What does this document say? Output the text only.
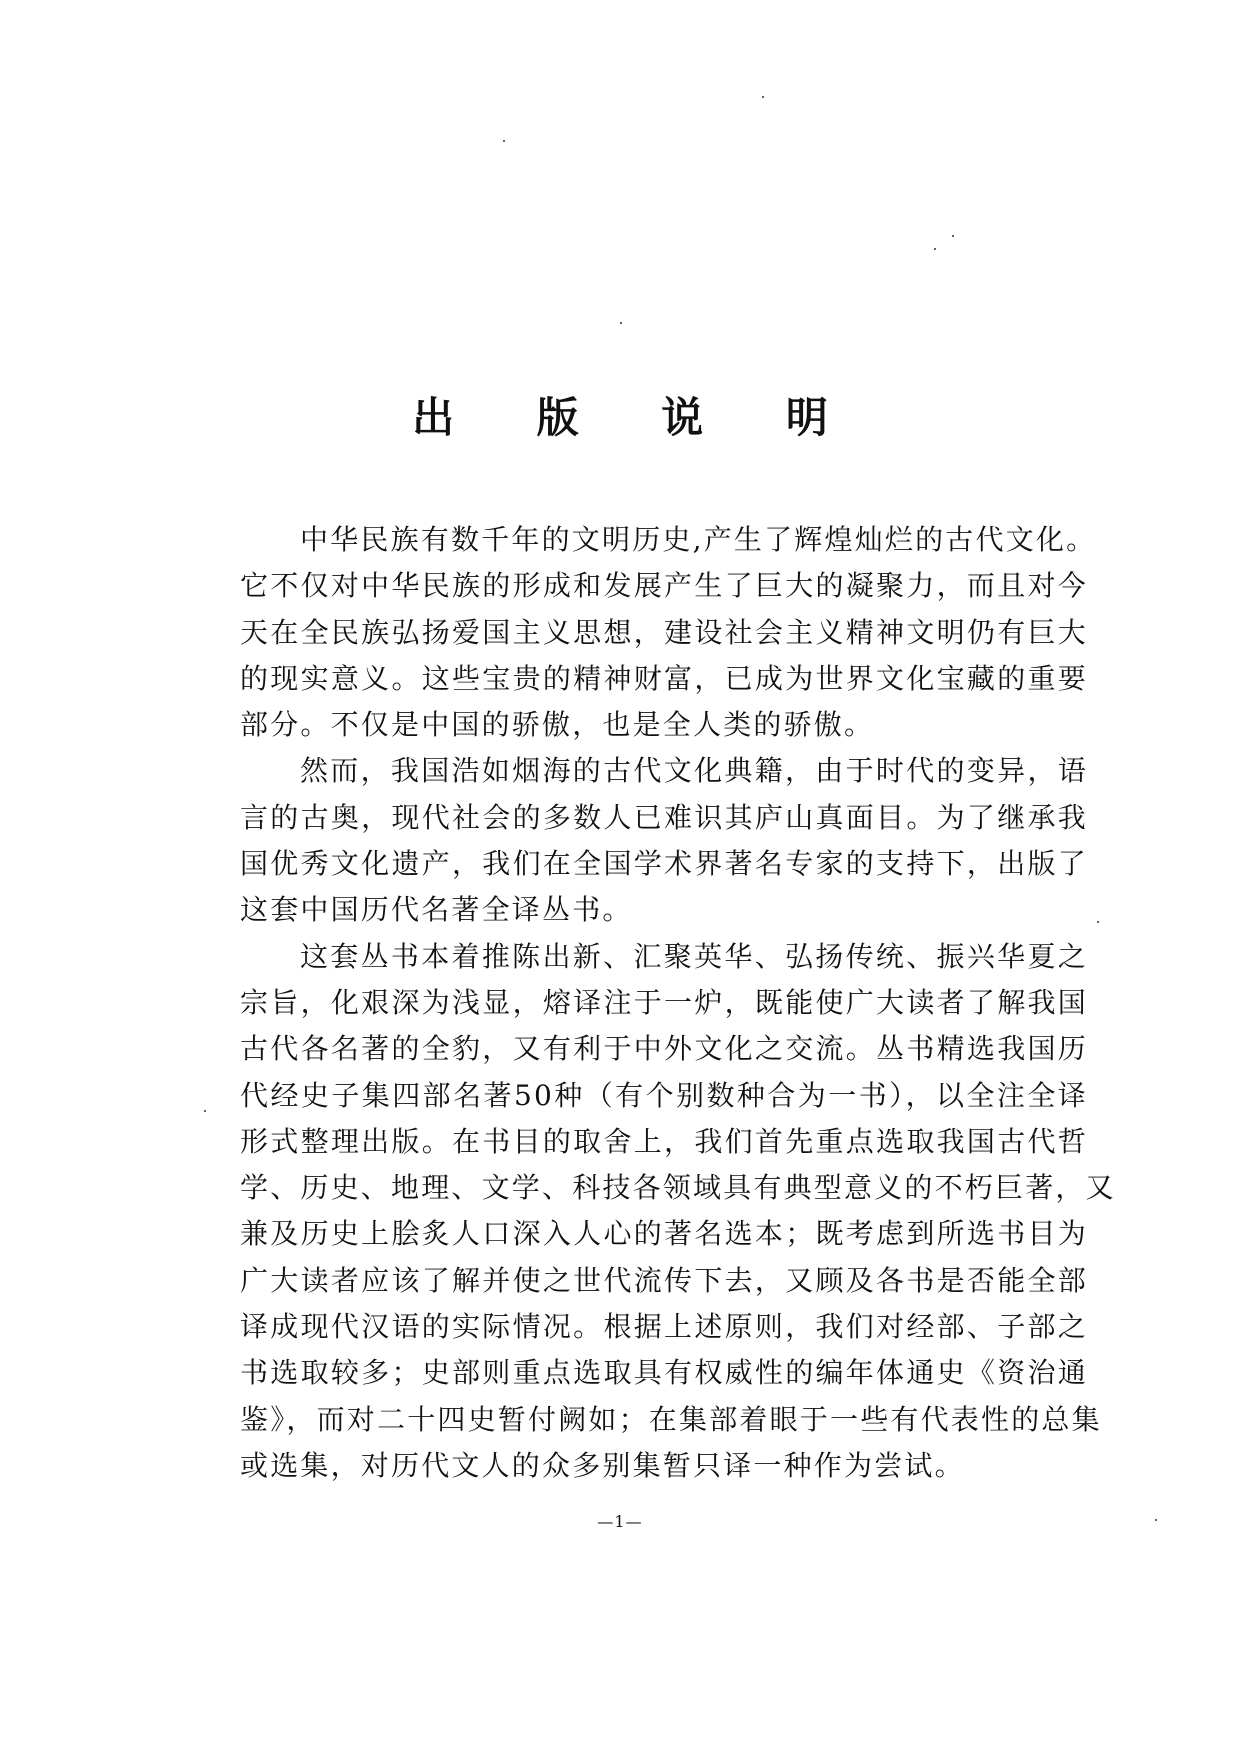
出 版 说 明
中华民族有数千年的文明历史,产生了辉煌灿烂的古代文化。
它不仅对中华民族的形成和发展产生了巨大的凝聚力，而且对今
天在全民族弘扬爱国主义思想，建设社会主义精神文明仍有巨大
的现实意义。这些宝贵的精神财富，已成为世界文化宝藏的重要
部分。不仅是中国的骄傲，也是全人类的骄傲。
然而，我国浩如烟海的古代文化典籍，由于时代的变异，语
言的古奥，现代社会的多数人已难识其庐山真面目。为了继承我
国优秀文化遗产，我们在全国学术界著名专家的支持下，出版了
这套中国历代名著全译丛书。
这套丛书本着推陈出新、汇聚英华、弘扬传统、振兴华夏之
宗旨，化艰深为浅显，熔译注于一炉，既能使广大读者了解我国
古代各名著的全豹，又有利于中外文化之交流。丛书精选我国历
代经史子集四部名著50种（有个别数种合为一书），以全注全译
形式整理出版。在书目的取舍上，我们首先重点选取我国古代哲
学、历史、地理、文学、科技各领域具有典型意义的不朽巨著，又
兼及历史上脍炙人口深入人心的著名选本；既考虑到所选书目为
广大读者应该了解并使之世代流传下去，又顾及各书是否能全部
译成现代汉语的实际情况。根据上述原则，我们对经部、子部之
书选取较多；史部则重点选取具有权威性的编年体通史《资治通
鉴》，而对二十四史暂付阙如；在集部着眼于一些有代表性的总集
或选集，对历代文人的众多别集暂只译一种作为尝试。
—1—
